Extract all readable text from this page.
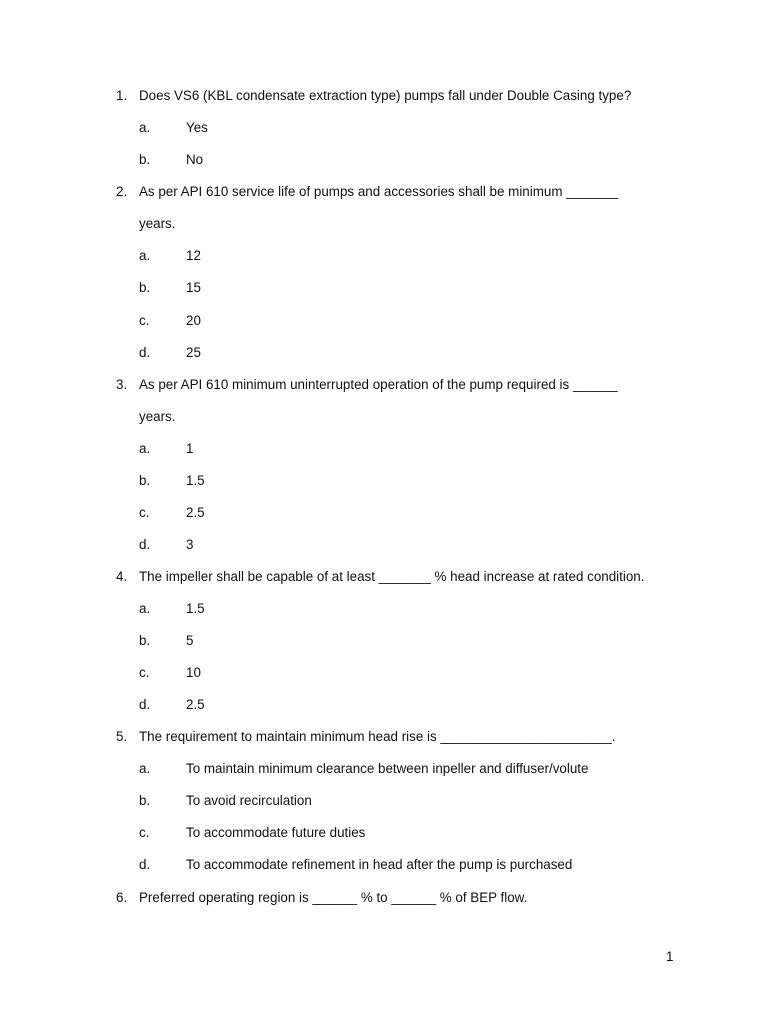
1. Does VS6 (KBL condensate extraction type) pumps fall under Double Casing type?
a.	Yes
b.	No
2. As per API 610 service life of pumps and accessories shall be minimum _______
years.
a.	12
b.	15
c.	20
d.	25
3. As per API 610 minimum uninterrupted operation of the pump required is ______
years.
a.	1
b.	1.5
c.	2.5
d.	3
4. The impeller shall be capable of at least _______ % head increase at rated condition.
a.	1.5
b.	5
c.	10
d.	2.5
5. The requirement to maintain minimum head rise is _______________________.
a.	To maintain minimum clearance between inpeller and diffuser/volute
b.	To avoid recirculation
c.	To accommodate future duties
d.	To accommodate refinement in head after the pump is purchased
6. Preferred operating region is ______ % to ______ % of BEP flow.
1
